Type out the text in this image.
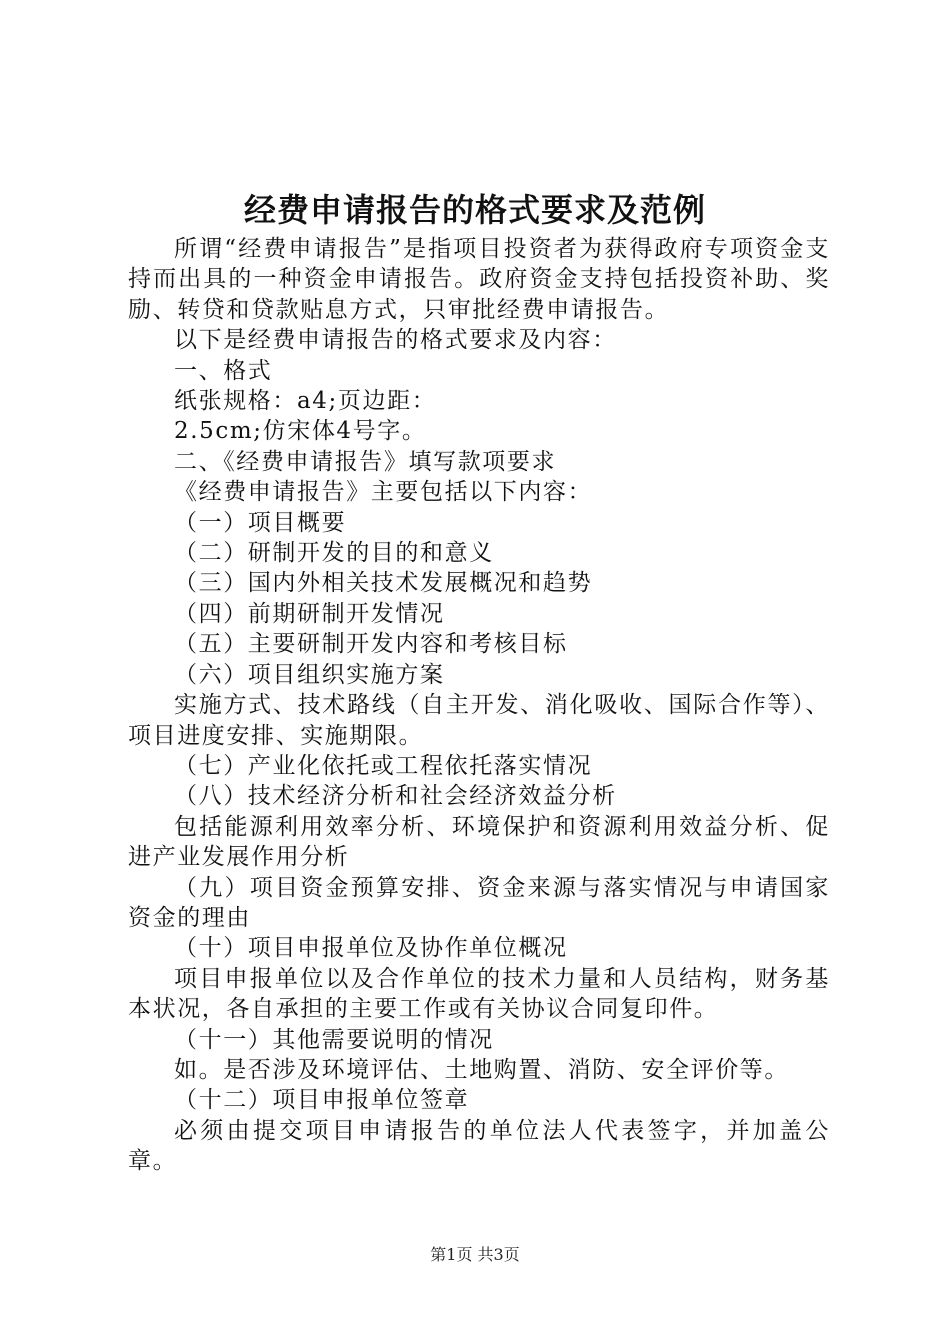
经费申请报告的格式要求及范例

所谓“经费申请报告”是指项目投资者为获得政府专项资金支持而出具的一种资金申请报告。政府资金支持包括投资补助、奖励、转贷和贷款贴息方式，只审批经费申请报告。

以下是经费申请报告的格式要求及内容：

一、格式

纸张规格：a4;页边距：

2.5cm;仿宋体4号字。

二、《经费申请报告》填写款项要求

《经费申请报告》主要包括以下内容：

（一）项目概要

（二）研制开发的目的和意义

（三）国内外相关技术发展概况和趋势

（四）前期研制开发情况

（五）主要研制开发内容和考核目标

（六）项目组织实施方案

实施方式、技术路线（自主开发、消化吸收、国际合作等）、项目进度安排、实施期限。

（七）产业化依托或工程依托落实情况

（八）技术经济分析和社会经济效益分析

包括能源利用效率分析、环境保护和资源利用效益分析、促进产业发展作用分析

（九）项目资金预算安排、资金来源与落实情况与申请国家资金的理由

（十）项目申报单位及协作单位概况

项目申报单位以及合作单位的技术力量和人员结构，财务基本状况，各自承担的主要工作或有关协议合同复印件。

（十一）其他需要说明的情况

如。是否涉及环境评估、土地购置、消防、安全评价等。

（十二）项目申报单位签章

必须由提交项目申请报告的单位法人代表签字，并加盖公章。

第1页 共3页
